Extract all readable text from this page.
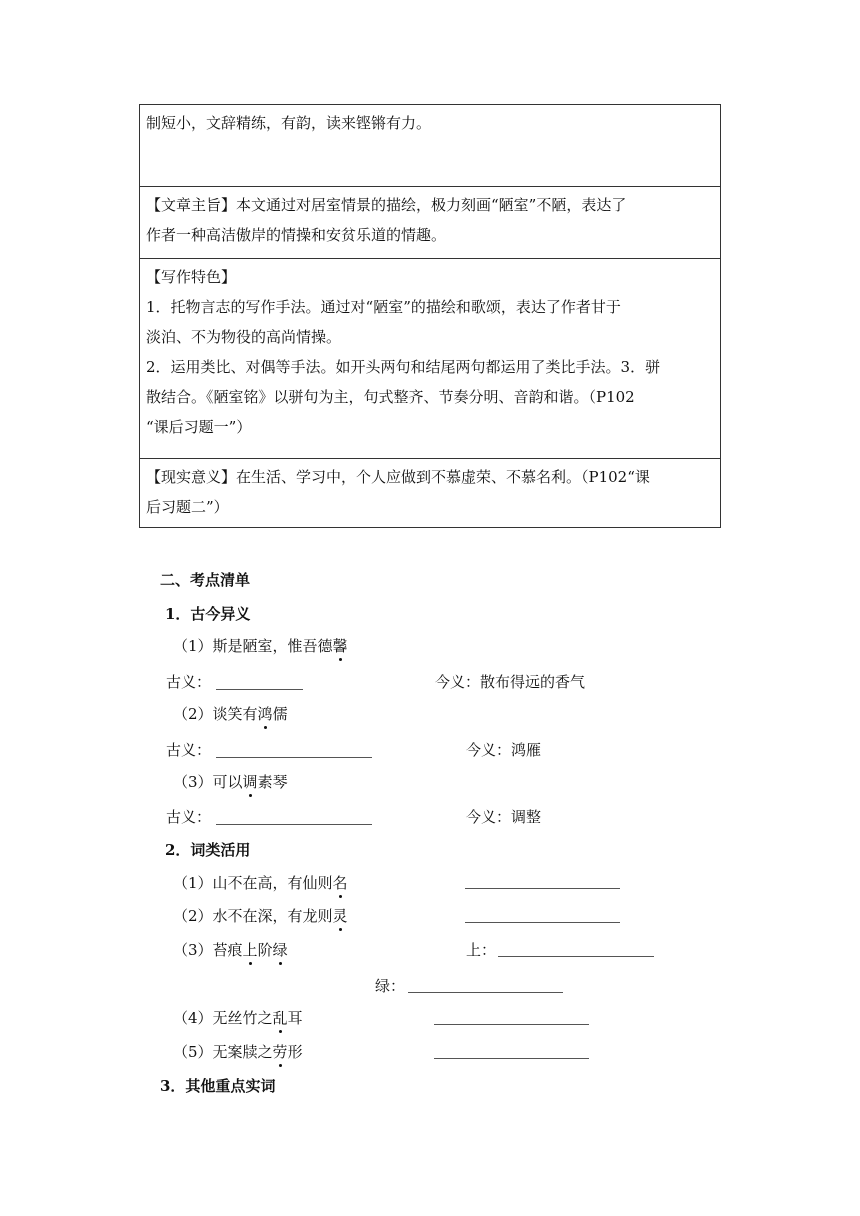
制短小，文辞精练，有韵，读来铿锵有力。
【文章主旨】本文通过对居室情景的描绘，极力刻画“陋室”不陋，表达了
作者一种高洁傲岸的情操和安贫乐道的情趣。
【写作特色】
1．托物言志的写作手法。通过对“陋室”的描绘和歌颂，表达了作者甘于
淡泊、不为物役的高尚情操。
2．运用类比、对偶等手法。如开头两句和结尾两句都运用了类比手法。3．骈
散结合。《陋室铭》以骈句为主，句式整齐、节奏分明、音韵和谐。（P102
“课后习题一”）
【现实意义】在生活、学习中，个人应做到不慕虚荣、不慕名利。（P102“课
后习题二”）
二、考点清单
1．古今异义
（1）斯是陋室，惟吾德馨
古义：	今义：散布得远的香气
（2）谈笑有鸿儒
古义：	今义：鸿雁
（3）可以调素琴
古义：	今义：调整
2．词类活用
（1）山不在高，有仙则名
（2）水不在深，有龙则灵
（3）苔痕上阶绿	上：
绿：
（4）无丝竹之乱耳
（5）无案牍之劳形
3．其他重点实词
